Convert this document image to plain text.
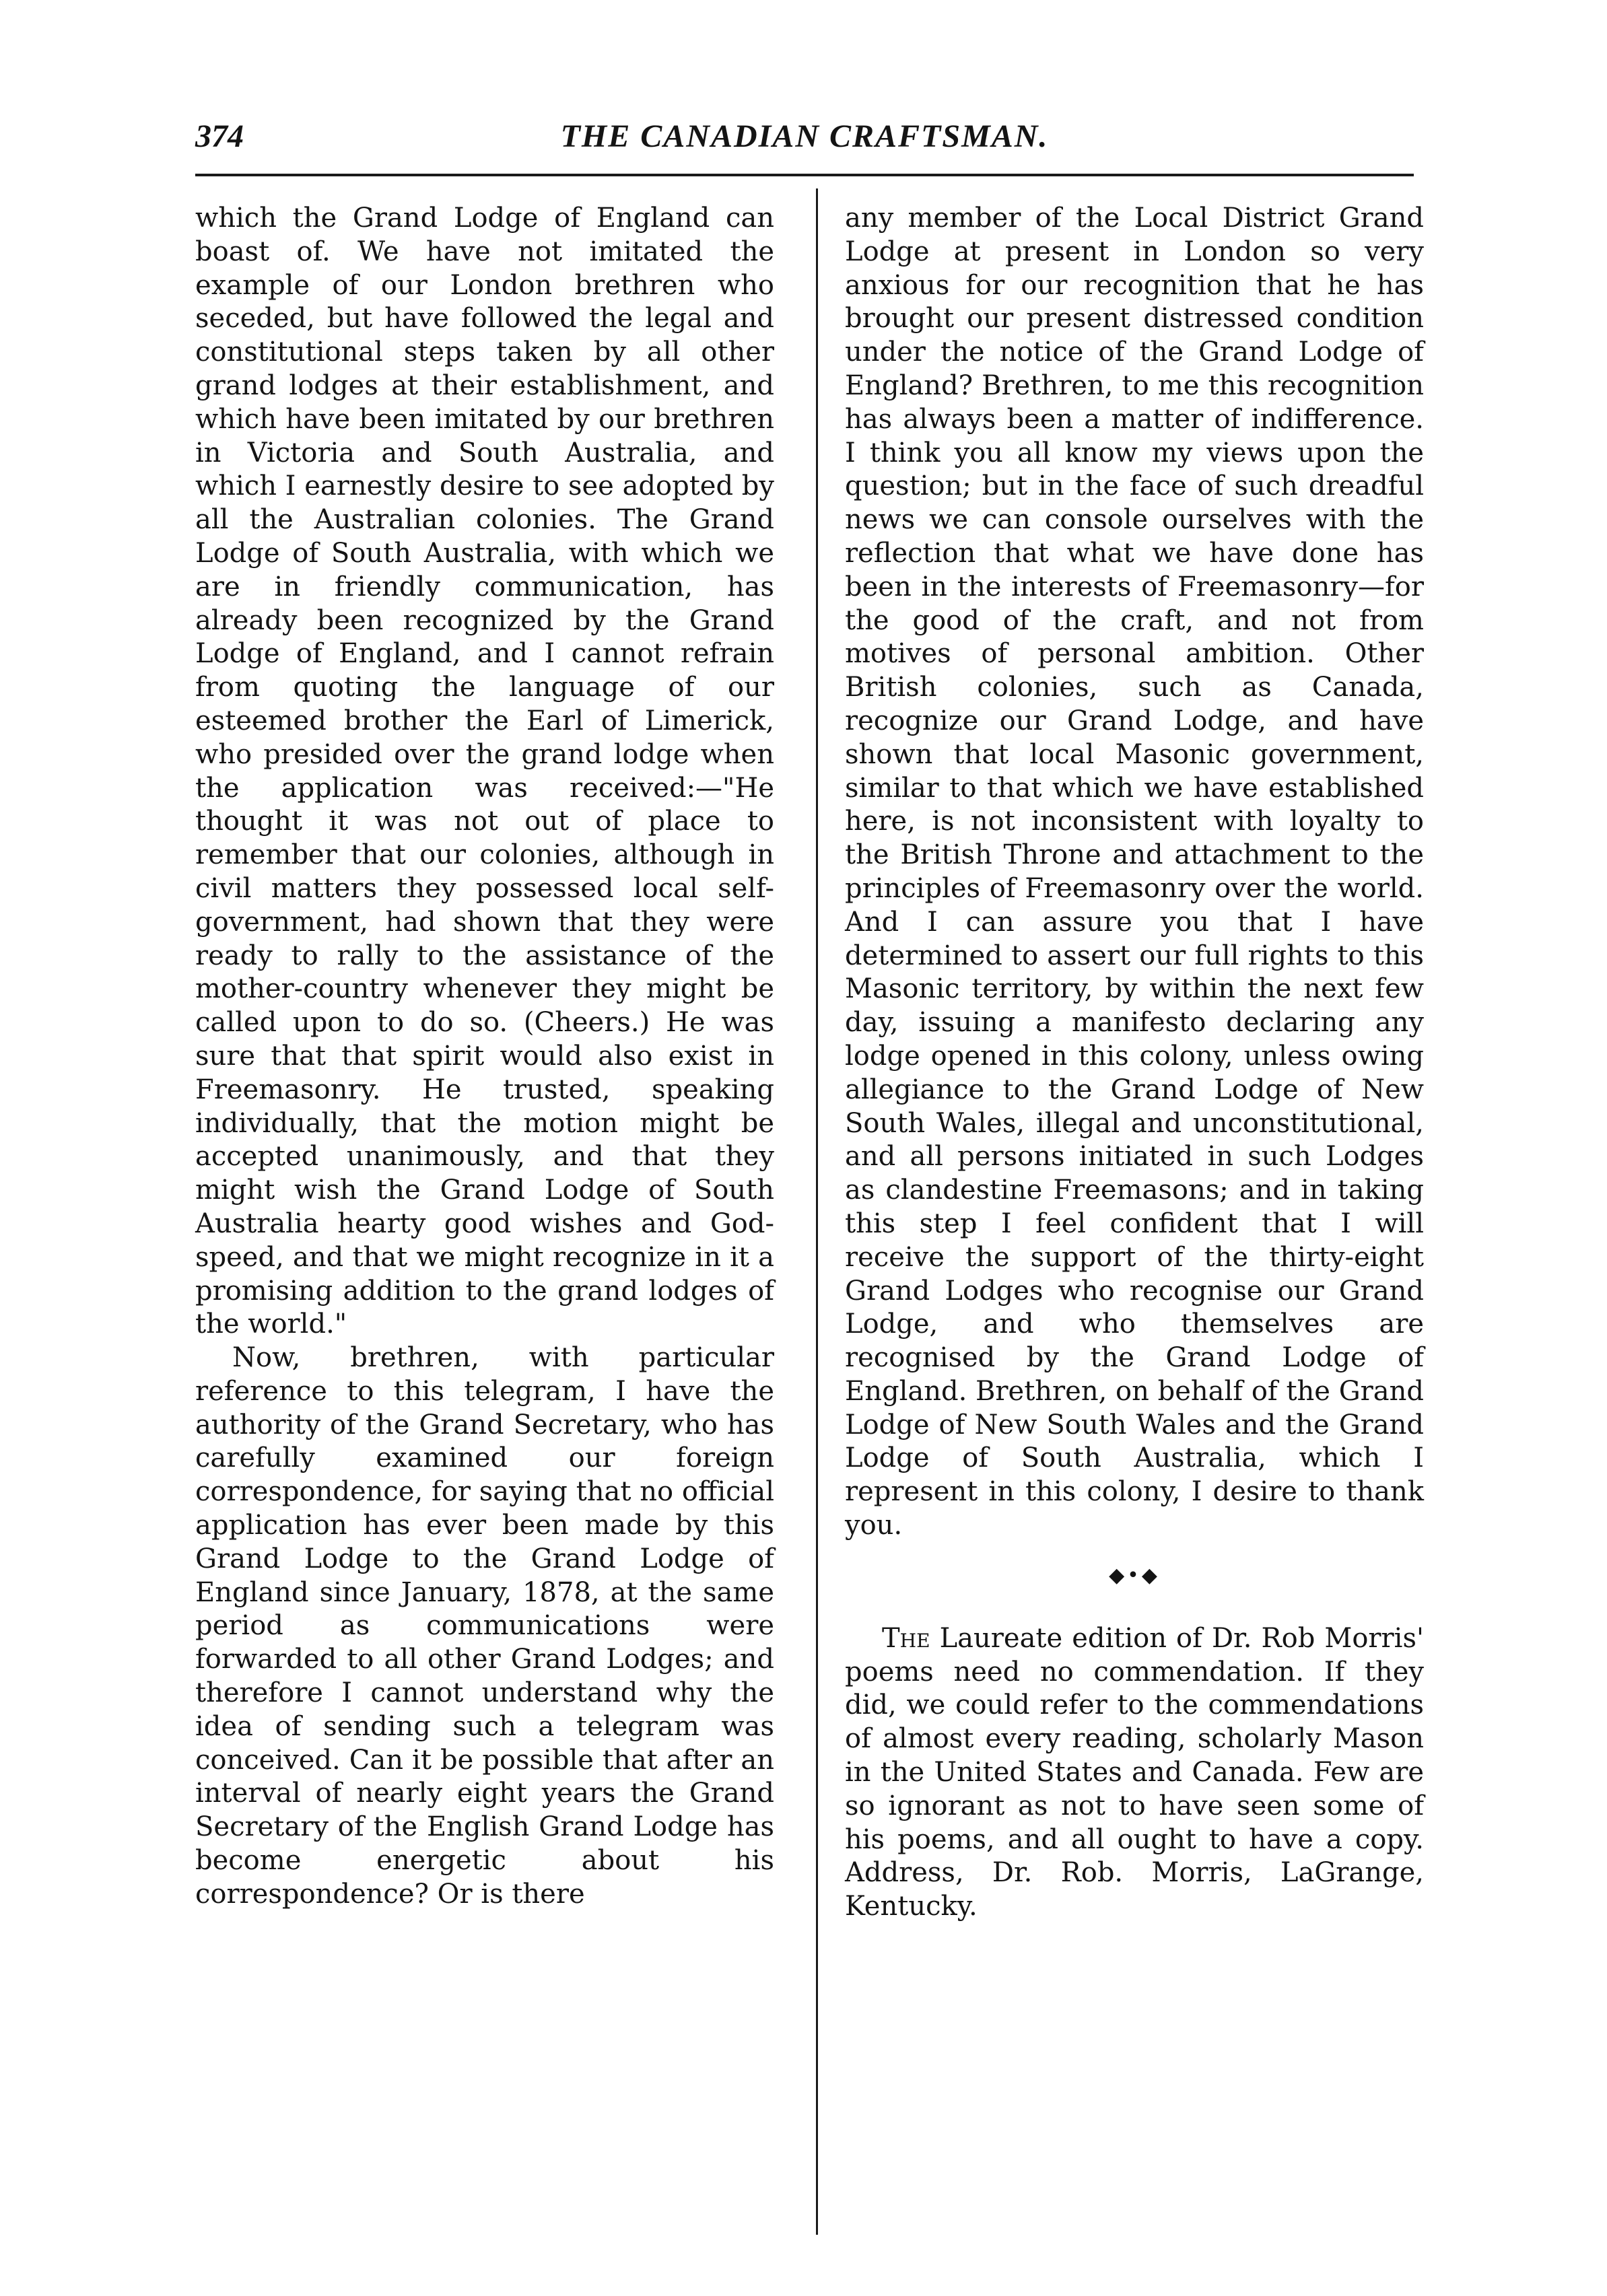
374	THE CANADIAN CRAFTSMAN.

which the Grand Lodge of England can boast of. We have not imitated the example of our London brethren who seceded, but have followed the legal and constitutional steps taken by all other grand lodges at their establishment, and which have been imitated by our brethren in Victoria and South Australia, and which I earnestly desire to see adopted by all the Australian colonies. The Grand Lodge of South Australia, with which we are in friendly communication, has already been recognized by the Grand Lodge of England, and I cannot refrain from quoting the language of our esteemed brother the Earl of Limerick, who presided over the grand lodge when the application was received:—"He thought it was not out of place to remember that our colonies, although in civil matters they possessed local self-government, had shown that they were ready to rally to the assistance of the mother-country whenever they might be called upon to do so. (Cheers.) He was sure that that spirit would also exist in Freemasonry. He trusted, speaking individually, that the motion might be accepted unanimously, and that they might wish the Grand Lodge of South Australia hearty good wishes and God-speed, and that we might recognize in it a promising addition to the grand lodges of the world."

Now, brethren, with particular reference to this telegram, I have the authority of the Grand Secretary, who has carefully examined our foreign correspondence, for saying that no official application has ever been made by this Grand Lodge to the Grand Lodge of England since January, 1878, at the same period as communications were forwarded to all other Grand Lodges; and therefore I cannot understand why the idea of sending such a telegram was conceived. Can it be possible that after an interval of nearly eight years the Grand Secretary of the English Grand Lodge has become energetic about his correspondence? Or is there

any member of the Local District Grand Lodge at present in London so very anxious for our recognition that he has brought our present distressed condition under the notice of the Grand Lodge of England? Brethren, to me this recognition has always been a matter of indifference. I think you all know my views upon the question; but in the face of such dreadful news we can console ourselves with the reflection that what we have done has been in the interests of Freemasonry—for the good of the craft, and not from motives of personal ambition. Other British colonies, such as Canada, recognize our Grand Lodge, and have shown that local Masonic government, similar to that which we have established here, is not inconsistent with loyalty to the British Throne and attachment to the principles of Freemasonry over the world. And I can assure you that I have determined to assert our full rights to this Masonic territory, by within the next few day, issuing a manifesto declaring any lodge opened in this colony, unless owing allegiance to the Grand Lodge of New South Wales, illegal and unconstitutional, and all persons initiated in such Lodges as clandestine Freemasons; and in taking this step I feel confident that I will receive the support of the thirty-eight Grand Lodges who recognise our Grand Lodge, and who themselves are recognised by the Grand Lodge of England. Brethren, on behalf of the Grand Lodge of New South Wales and the Grand Lodge of South Australia, which I represent in this colony, I desire to thank you.

◆•◆

The Laureate edition of Dr. Rob Morris' poems need no commendation. If they did, we could refer to the commendations of almost every reading, scholarly Mason in the United States and Canada. Few are so ignorant as not to have seen some of his poems, and all ought to have a copy. Address, Dr. Rob. Morris, LaGrange, Kentucky.
